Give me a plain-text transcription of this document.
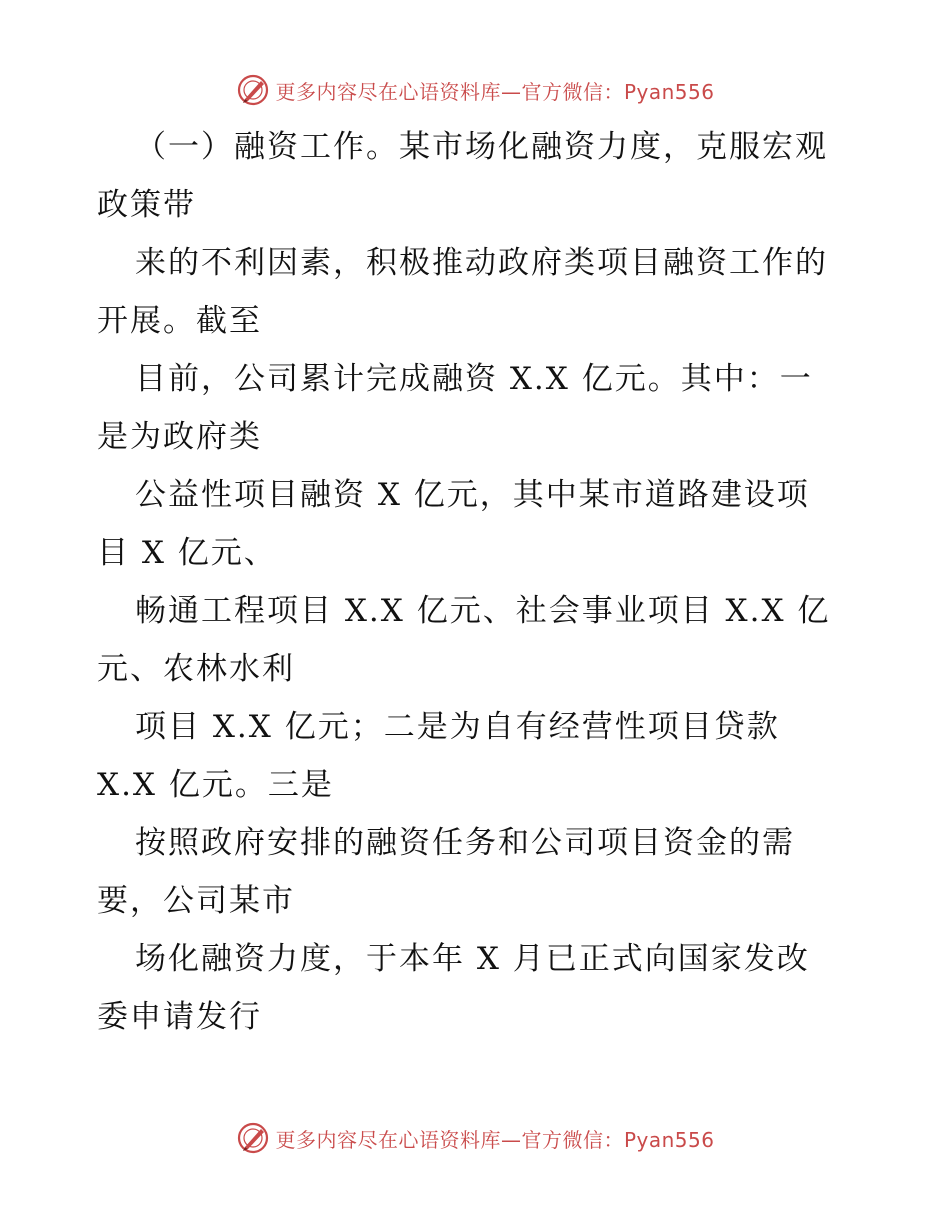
更多内容尽在心语资料库—官方微信：Pyan556
（一）融资工作。某市场化融资力度，克服宏观
政策带
来的不利因素，积极推动政府类项目融资工作的
开展。截至
目前，公司累计完成融资 X.X 亿元。其中：一
是为政府类
公益性项目融资 X 亿元，其中某市道路建设项
目 X 亿元、
畅通工程项目 X.X 亿元、社会事业项目 X.X 亿
元、农林水利
项目 X.X 亿元；二是为自有经营性项目贷款
X.X 亿元。三是
按照政府安排的融资任务和公司项目资金的需
要，公司某市
场化融资力度，于本年 X 月已正式向国家发改
委申请发行
更多内容尽在心语资料库—官方微信：Pyan556
